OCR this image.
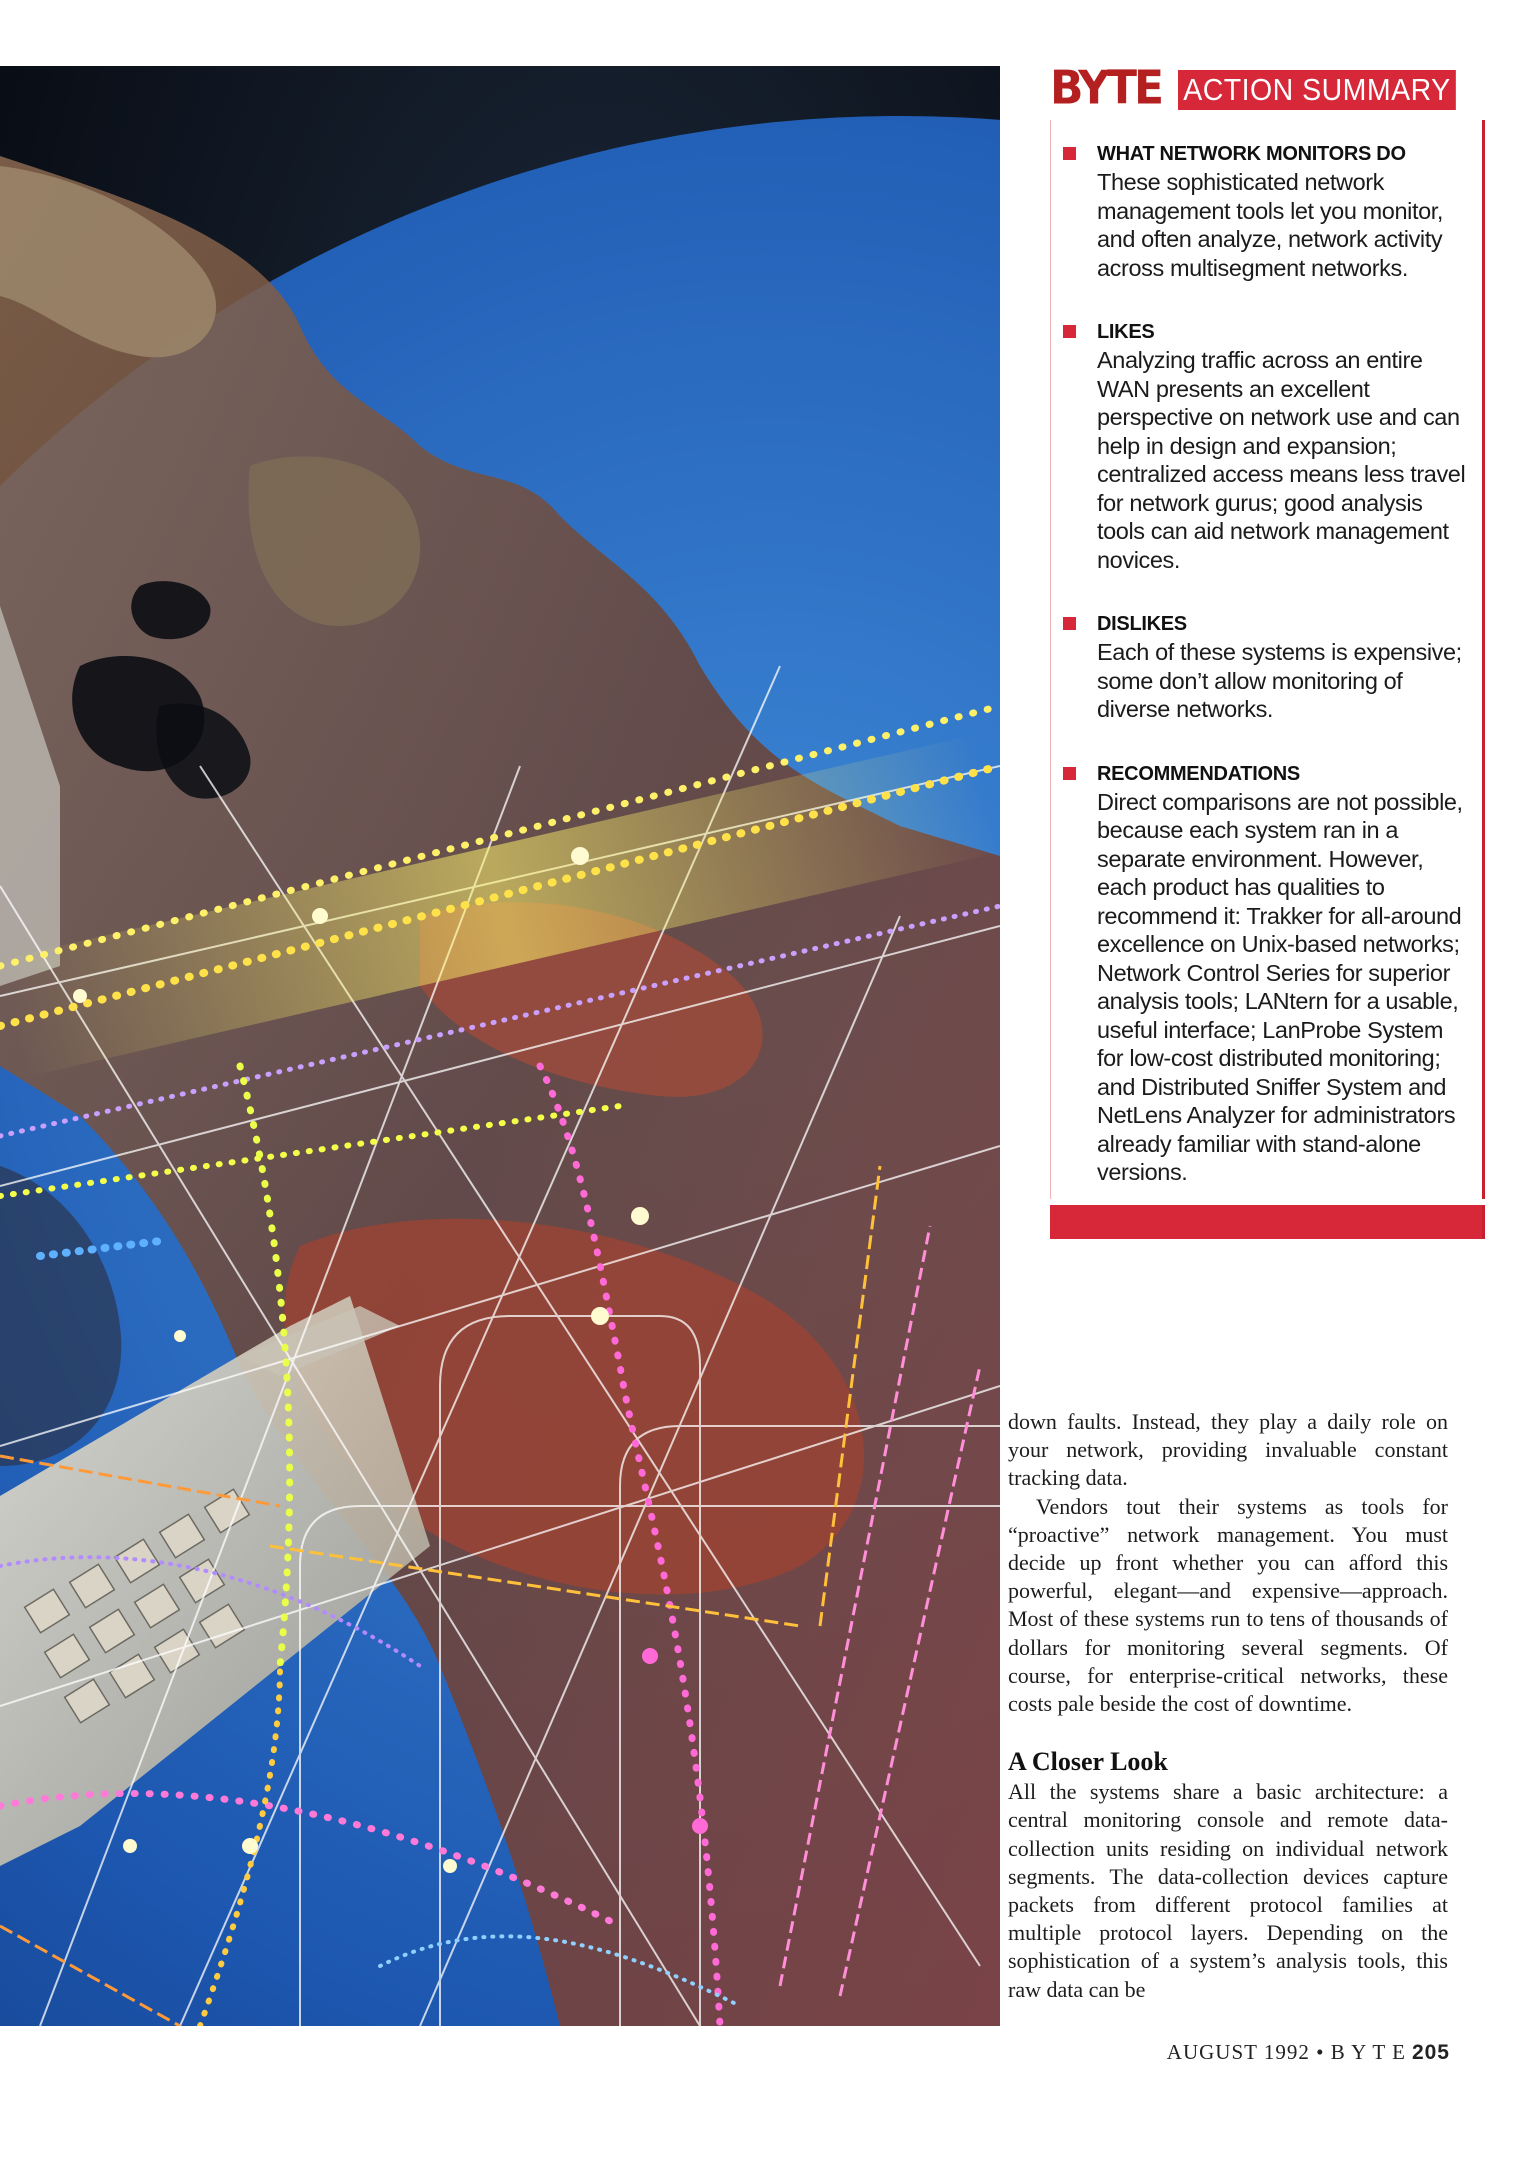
BYTE ACTION SUMMARY
WHAT NETWORK MONITORS DO
These sophisticated network management tools let you monitor, and often analyze, network activity across multisegment networks.
LIKES
Analyzing traffic across an entire WAN presents an excellent perspective on network use and can help in design and expansion; centralized access means less travel for network gurus; good analysis tools can aid network management novices.
DISLIKES
Each of these systems is expensive; some don’t allow monitoring of diverse networks.
RECOMMENDATIONS
Direct comparisons are not possible, because each system ran in a separate environment. However, each product has qualities to recommend it: Trakker for all-around excellence on Unix-based networks; Network Control Series for superior analysis tools; LANtern for a usable, useful interface; LanProbe System for low-cost distributed monitoring; and Distributed Sniffer System and NetLens Analyzer for administrators already familiar with stand-alone versions.

down faults. Instead, they play a daily role on your network, providing invaluable constant tracking data.

Vendors tout their systems as tools for “proactive” network management. You must decide up front whether you can afford this powerful, elegant—and expensive—approach. Most of these systems run to tens of thousands of dollars for monitoring several segments. Of course, for enterprise-critical networks, these costs pale beside the cost of downtime.

A Closer Look

All the systems share a basic architecture: a central monitoring console and remote data-collection units residing on individual network segments. The data-collection devices capture packets from different protocol families at multiple protocol layers. Depending on the sophistication of a system’s analysis tools, this raw data can be

AUGUST 1992 • B Y T E 205
